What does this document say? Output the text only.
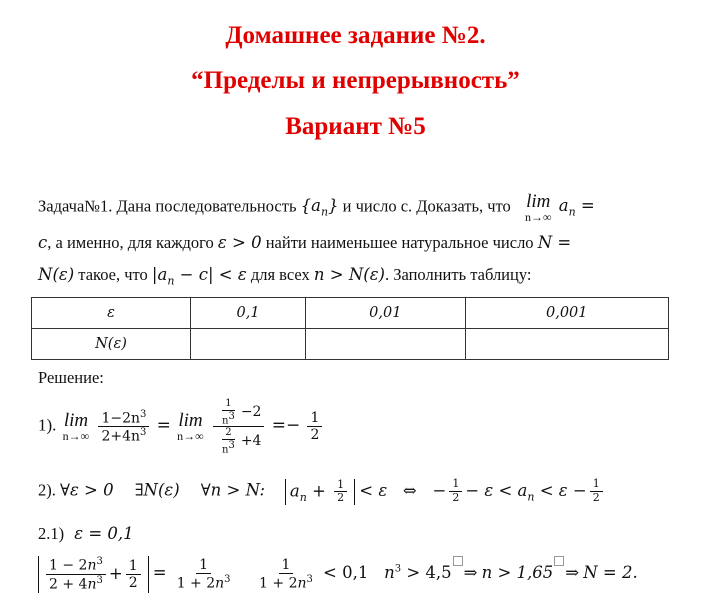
Домашнее задание №2.
“Пределы и непрерывность”
Вариант №5
Задача№1. Дана последовательность $\{a_n\}$ и число c. Доказать, что lim
n→∞
$a_n$ =
c, а именно, для каждого ε > 0 найти наименьшее натуральное число N =
N(ε) такое, что $|a_n - c| < \varepsilon$ для всех n > N(ε). Заполнить таблицу:
ε	0,1	0,01	0,001
N(ε)			
Решение:
1). lim
n→∞
$\frac{1-2n^3}{2+4n^3} = \lim$
n→∞
$\frac{\frac{1}{n^3} -2}{\frac{2}{n^3} +4} =- \frac{1}{2}$
2). ∀ε > 0    ∃N(ε)    ∀n > N:    $a_n + \frac{1}{2} < \varepsilon$   ⇔   − $\frac{1}{2} - \varepsilon < a_n < \varepsilon - \frac{1}{2}$
2.1) ε = 0,1
$\frac{1 - 2n^3}{2 + 4n^3} + \frac{1}{2} = \frac{1}{1 + 2n^3}$
$\frac{1}{1 + 2n^3} < 0,1$   $n^3 > 4,5$ ⇒ n > 1,65 ⇒ N = 2.
